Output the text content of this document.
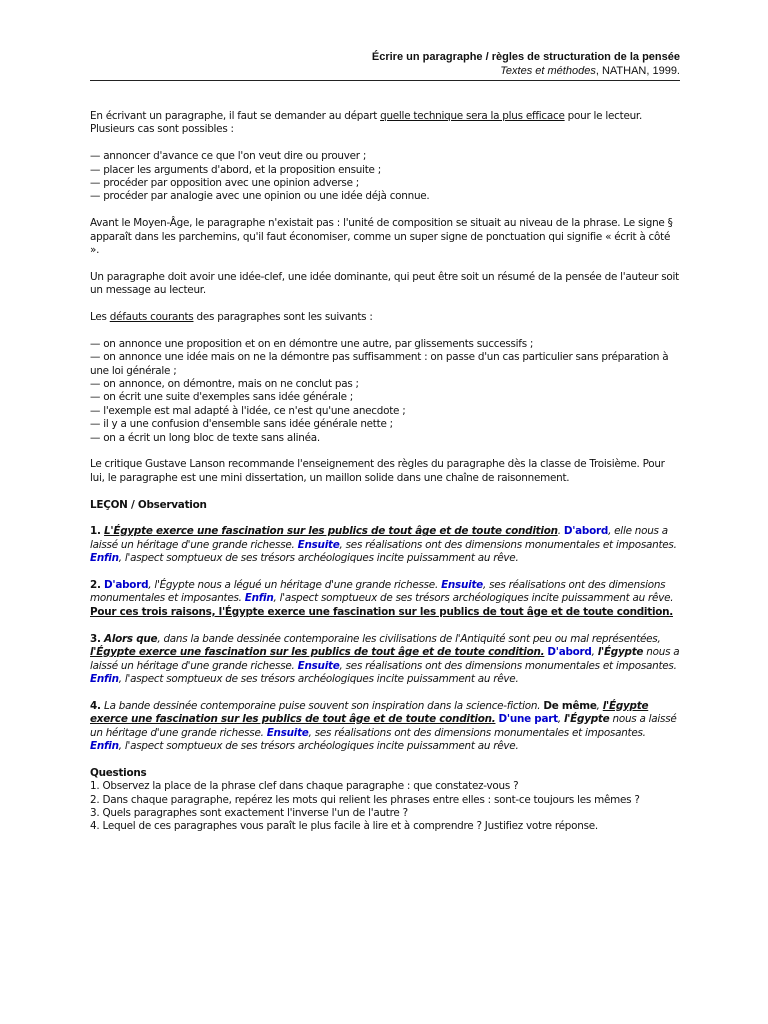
Écrire un paragraphe / règles de structuration de la pensée
Textes et méthodes, NATHAN, 1999.

En écrivant un paragraphe, il faut se demander au départ quelle technique sera la plus efficace pour le lecteur. Plusieurs cas sont possibles :

— annoncer d'avance ce que l'on veut dire ou prouver ;

— placer les arguments d'abord, et la proposition ensuite ;

— procéder par opposition avec une opinion adverse ;

— procéder par analogie avec une opinion ou une idée déjà connue.

Avant le Moyen-Âge, le paragraphe n'existait pas : l'unité de composition se situait au niveau de la phrase. Le signe § apparaît dans les parchemins, qu'il faut économiser, comme un super signe de ponctuation qui signifie « écrit à côté ».

Un paragraphe doit avoir une idée-clef, une idée dominante, qui peut être soit un résumé de la pensée de l'auteur soit un message au lecteur.

Les défauts courants des paragraphes sont les suivants :

— on annonce une proposition et on en démontre une autre, par glissements successifs ;

— on annonce une idée mais on ne la démontre pas suffisamment : on passe d'un cas particulier sans préparation à une loi générale ;

— on annonce, on démontre, mais on ne conclut pas ;

— on écrit une suite d'exemples sans idée générale ;

— l'exemple est mal adapté à l'idée, ce n'est qu'une anecdote ;

— il y a une confusion d'ensemble sans idée générale nette ;

— on a écrit un long bloc de texte sans alinéa.

Le critique Gustave Lanson recommande l'enseignement des règles du paragraphe dès la classe de Troisième. Pour lui, le paragraphe est une mini dissertation, un maillon solide dans une chaîne de raisonnement.

LEÇON / Observation

1. L'Égypte exerce une fascination sur les publics de tout âge et de toute condition. D'abord, elle nous a laissé un héritage d'une grande richesse. Ensuite, ses réalisations ont des dimensions monumentales et imposantes. Enfin, l'aspect somptueux de ses trésors archéologiques incite puissamment au rêve.

2. D'abord, l'Égypte nous a légué un héritage d'une grande richesse. Ensuite, ses réalisations ont des dimensions monumentales et imposantes. Enfin, l'aspect somptueux de ses trésors archéologiques incite puissamment au rêve. Pour ces trois raisons, l'Égypte exerce une fascination sur les publics de tout âge et de toute condition.

3. Alors que, dans la bande dessinée contemporaine les civilisations de l'Antiquité sont peu ou mal représentées, l'Égypte exerce une fascination sur les publics de tout âge et de toute condition. D'abord, l'Égypte nous a laissé un héritage d'une grande richesse. Ensuite, ses réalisations ont des dimensions monumentales et imposantes. Enfin, l'aspect somptueux de ses trésors archéologiques incite puissamment au rêve.

4. La bande dessinée contemporaine puise souvent son inspiration dans la science-fiction. De même, l'Égypte exerce une fascination sur les publics de tout âge et de toute condition. D'une part, l'Égypte nous a laissé un héritage d'une grande richesse. Ensuite, ses réalisations ont des dimensions monumentales et imposantes. Enfin, l'aspect somptueux de ses trésors archéologiques incite puissamment au rêve.

Questions

1. Observez la place de la phrase clef dans chaque paragraphe : que constatez-vous ?

2. Dans chaque paragraphe, repérez les mots qui relient les phrases entre elles : sont-ce toujours les mêmes ?

3. Quels paragraphes sont exactement l'inverse l'un de l'autre ?

4. Lequel de ces paragraphes vous paraît le plus facile à lire et à comprendre ? Justifiez votre réponse.
